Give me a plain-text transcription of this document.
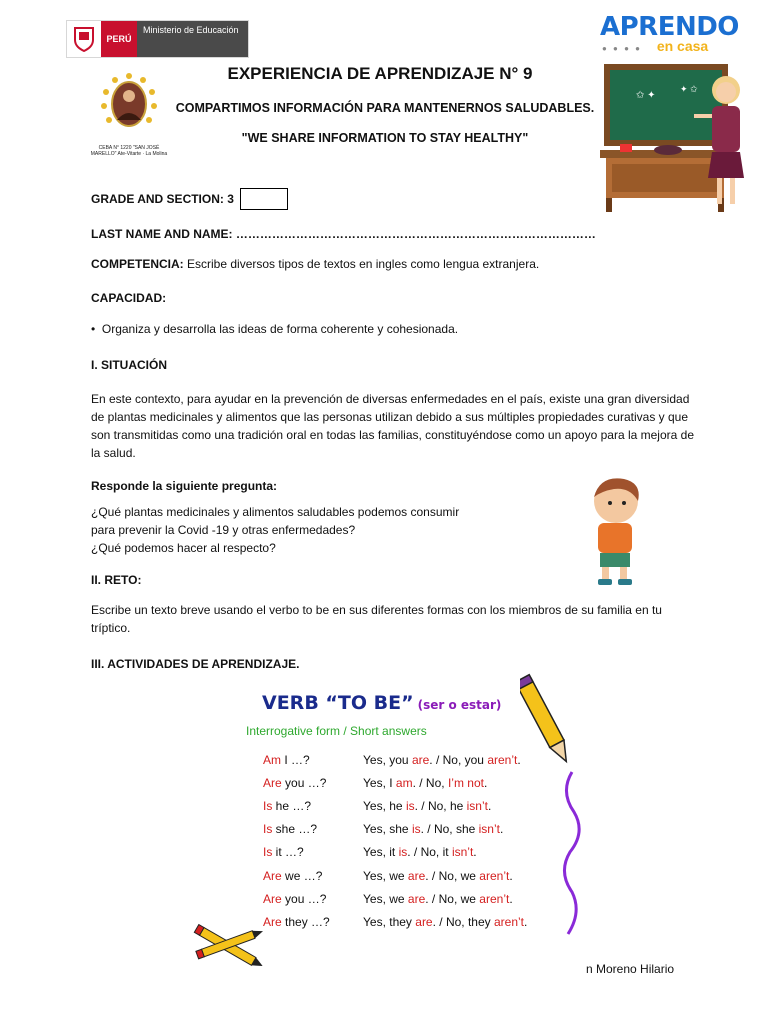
PERÚ
Ministerio de Educación	APRENDO
en casa
● ● ● ●
CEBA N° 1220 "SAN JOSÉ MARELLO" Ate-Vitarte · La Molina
✩ ✦
✦ ✩
EXPERIENCIA DE APRENDIZAJE N° 9
COMPARTIMOS INFORMACIÓN PARA MANTENERNOS SALUDABLES.
"WE SHARE INFORMATION TO STAY HEALTHY"
GRADE AND SECTION: 3
LAST NAME AND NAME: ………………………………………………………………………………
COMPETENCIA: Escribe diversos tipos de textos en ingles como lengua extranjera.
CAPACIDAD:
•  Organiza y desarrolla las ideas de forma coherente y cohesionada.
I. SITUACIÓN
En este contexto, para ayudar en la prevención de diversas enfermedades en el país, existe una gran diversidad de plantas medicinales y alimentos que las personas utilizan debido a sus múltiples propiedades curativas y que son transmitidas como una tradición oral en todas las familias, constituyéndose como un apoyo para la mejora de la salud.
Responde la siguiente pregunta:
¿Qué plantas medicinales y alimentos saludables podemos consumir
para prevenir la Covid -19 y otras enfermedades?
¿Qué podemos hacer al respecto?
II. RETO:
Escribe un texto breve usando el verbo to be en sus diferentes formas con los miembros de su familia en tu tríptico.
III. ACTIVIDADES DE APRENDIZAJE.
VERB “TO BE” (ser o estar)
Interrogative form / Short answers
Am I …?	Yes, you are. / No, you aren’t.
Are you …?	Yes, I am. / No, I’m not.
Is he …?	Yes, he is. / No, he isn’t.
Is she …?	Yes, she is. / No, she isn’t.
Is it …?	Yes, it is. / No, it isn’t.
Are we …?	Yes, we are. / No, we aren’t.
Are you …?	Yes, we are. / No, we aren’t.
Are they …?	Yes, they are. / No, they aren’t.
n Moreno Hilario
